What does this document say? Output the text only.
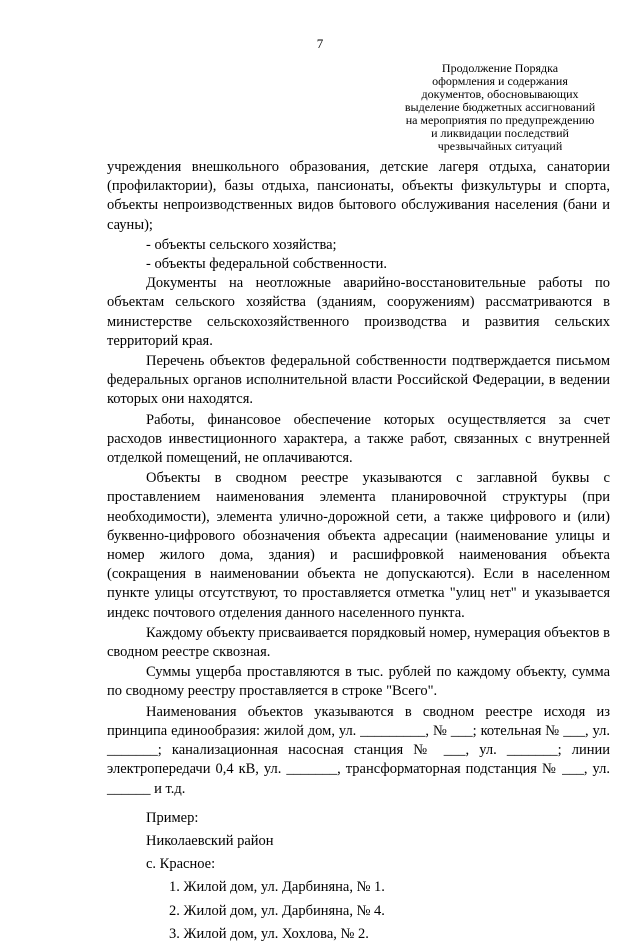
7
Продолжение Порядка
оформления и содержания
документов, обосновывающих
выделение бюджетных ассигнований
на мероприятия по предупреждению
и ликвидации последствий
чрезвычайных ситуаций

учреждения внешкольного образования, детские лагеря отдыха, санатории (профилактории), базы отдыха, пансионаты, объекты физкультуры и спорта, объекты непроизводственных видов бытового обслуживания населения (бани и сауны);

- объекты сельского хозяйства;

- объекты федеральной собственности.

Документы на неотложные аварийно-восстановительные работы по объектам сельского хозяйства (зданиям, сооружениям) рассматриваются в министерстве сельскохозяйственного производства и развития сельских территорий края.

Перечень объектов федеральной собственности подтверждается письмом федеральных органов исполнительной власти Российской Федерации, в ведении которых они находятся.

Работы, финансовое обеспечение которых осуществляется за счет расходов инвестиционного характера, а также работ, связанных с внутренней отделкой помещений, не оплачиваются.

Объекты в сводном реестре указываются с заглавной буквы с проставлением наименования элемента планировочной структуры (при необходимости), элемента улично-дорожной сети, а также цифрового и (или) буквенно-цифрового обозначения объекта адресации (наименование улицы и номер жилого дома, здания) и расшифровкой наименования объекта (сокращения в наименовании объекта не допускаются). Если в населенном пункте улицы отсутствуют, то проставляется отметка "улиц нет" и указывается индекс почтового отделения данного населенного пункта.

Каждому объекту присваивается порядковый номер, нумерация объектов в сводном реестре сквозная.

Суммы ущерба проставляются в тыс. рублей по каждому объекту, сумма по сводному реестру проставляется в строке "Всего".

Наименования объектов указываются в сводном реестре исходя из принципа единообразия: жилой дом, ул. _________, № ___; котельная № ___, ул. _______; канализационная насосная станция № ___, ул. _______; линии электропередачи 0,4 кВ, ул. _______, трансформаторная подстанция № ___, ул. ______ и т.д.

Пример:

Николаевский район

с. Красное:

1. Жилой дом, ул. Дарбиняна, № 1.

2. Жилой дом, ул. Дарбиняна, № 4.

3. Жилой дом, ул. Хохлова, № 2.
